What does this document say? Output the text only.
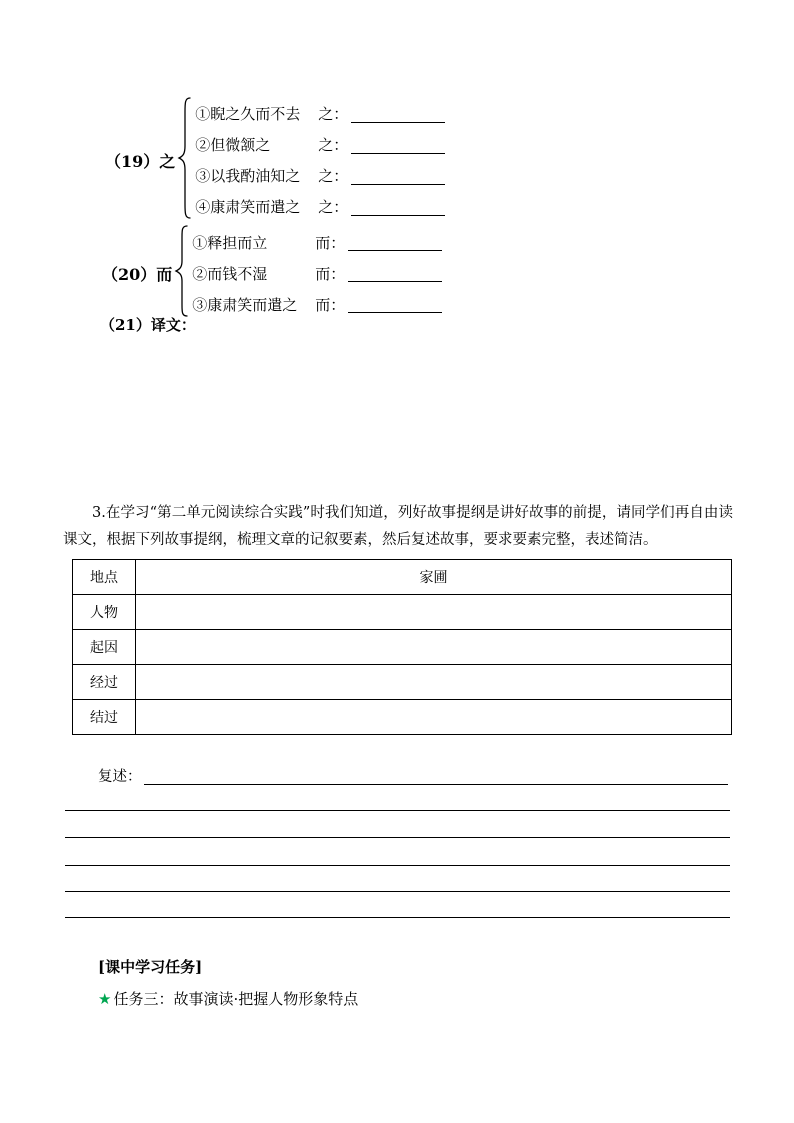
（19）之
①睨之久而不去	之：
②但微颔之	之：
③以我酌油知之	之：
④康肃笑而遣之	之：
（20）而
①释担而立	而：
②而钱不湿	而：
③康肃笑而遣之	而：
（21）译文：
3.在学习“第二单元阅读综合实践”时我们知道，列好故事提纲是讲好故事的前提，请同学们再自由读课文，根据下列故事提纲，梳理文章的记叙要素，然后复述故事，要求要素完整，表述简洁。
地点	家圃
人物	
起因	
经过	
结过	
复述：
[课中学习任务]
★ 任务三：故事演读·把握人物形象特点
